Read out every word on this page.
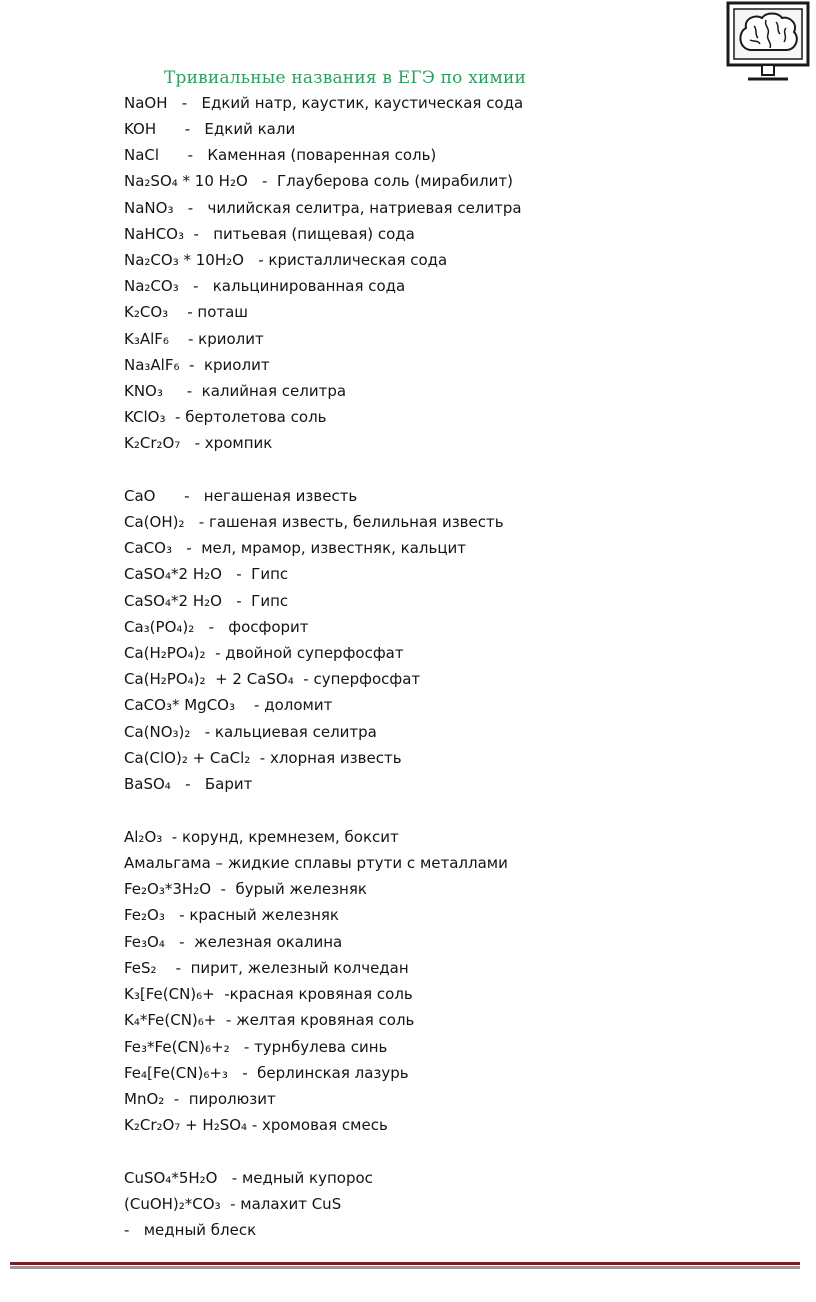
Тривиальные названия в ЕГЭ по химии
NaOH   -   Едкий натр, каустик, каустическая сода
KOH      -   Едкий кали
NaCl      -   Каменная (поваренная соль)
Na₂SO₄ * 10 H₂O   -  Глауберова соль (мирабилит)
NaNO₃   -   чилийская селитра, натриевая селитра
NaHCO₃  -   питьевая (пищевая) сода
Na₂CO₃ * 10H₂O   - кристаллическая сода
Na₂CO₃   -   кальцинированная сода
K₂CO₃    - поташ
K₃AlF₆    - криолит
Na₃AlF₆  -  криолит
KNO₃     -  калийная селитра
KClO₃  - бертолетова соль
K₂Cr₂O₇   - хромпик
CaO      -   негашеная известь
Ca(OH)₂   - гашеная известь, белильная известь
CaCO₃   -  мел, мрамор, известняк, кальцит
CaSO₄*2 H₂O   -  Гипс
CaSO₄*2 H₂O   -  Гипс
Ca₃(PO₄)₂   -   фосфорит
Ca(H₂PO₄)₂  - двойной суперфосфат
Ca(H₂PO₄)₂  + 2 CaSO₄  - суперфосфат
CaCO₃* MgCO₃    - доломит
Ca(NO₃)₂   - кальциевая селитра
Ca(ClO)₂ + CaCl₂  - хлорная известь
BaSO₄   -   Барит
Al₂O₃  - корунд, кремнезем, боксит
Амальгама – жидкие сплавы ртути с металлами
Fe₂O₃*3H₂O  -  бурый железняк
Fe₂O₃   - красный железняк
Fe₃O₄   -  железная окалина
FeS₂    -  пирит, железный колчедан
K₃[Fe(CN)₆+  -красная кровяная соль
K₄*Fe(CN)₆+  - желтая кровяная соль
Fe₃*Fe(CN)₆+₂   - турнбулева синь
Fe₄[Fe(CN)₆+₃   -  берлинская лазурь
MnO₂  -  пиролюзит
K₂Cr₂O₇ + H₂SO₄ - хромовая смесь
CuSO₄*5H₂O   - медный купорос
(CuOH)₂*CO₃  - малахит CuS
-   медный блеск
